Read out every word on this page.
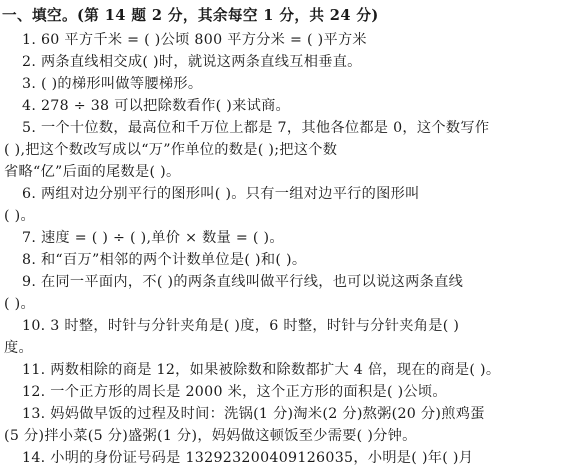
一、填空。(第 14 题 2 分，其余每空 1 分，共 24 分)
1. 60 平方千米 = ( )公顷 800 平方分米 = ( )平方米
2. 两条直线相交成( )时，就说这两条直线互相垂直。
3. ( )的梯形叫做等腰梯形。
4. 278 ÷ 38 可以把除数看作( )来试商。
5. 一个十位数，最高位和千万位上都是 7，其他各位都是 0，这个数写作
( ),把这个数改写成以“万”作单位的数是( );把这个数
省略“亿”后面的尾数是( )。
6. 两组对边分别平行的图形叫( )。只有一组对边平行的图形叫
( )。
7. 速度 = ( ) ÷ ( ),单价 × 数量 = ( )。
8. 和“百万”相邻的两个计数单位是( )和( )。
9. 在同一平面内，不( )的两条直线叫做平行线，也可以说这两条直线
( )。
10. 3 时整，时针与分针夹角是( )度，6 时整，时针与分针夹角是( )
度。
11. 两数相除的商是 12，如果被除数和除数都扩大 4 倍，现在的商是( )。
12. 一个正方形的周长是 2000 米，这个正方形的面积是( )公顷。
13. 妈妈做早饭的过程及时间：洗锅(1 分)淘米(2 分)熬粥(20 分)煎鸡蛋
(5 分)拌小菜(5 分)盛粥(1 分)，妈妈做这顿饭至少需要( )分钟。
14. 小明的身份证号码是 132923200409126035，小明是( )年( )月
